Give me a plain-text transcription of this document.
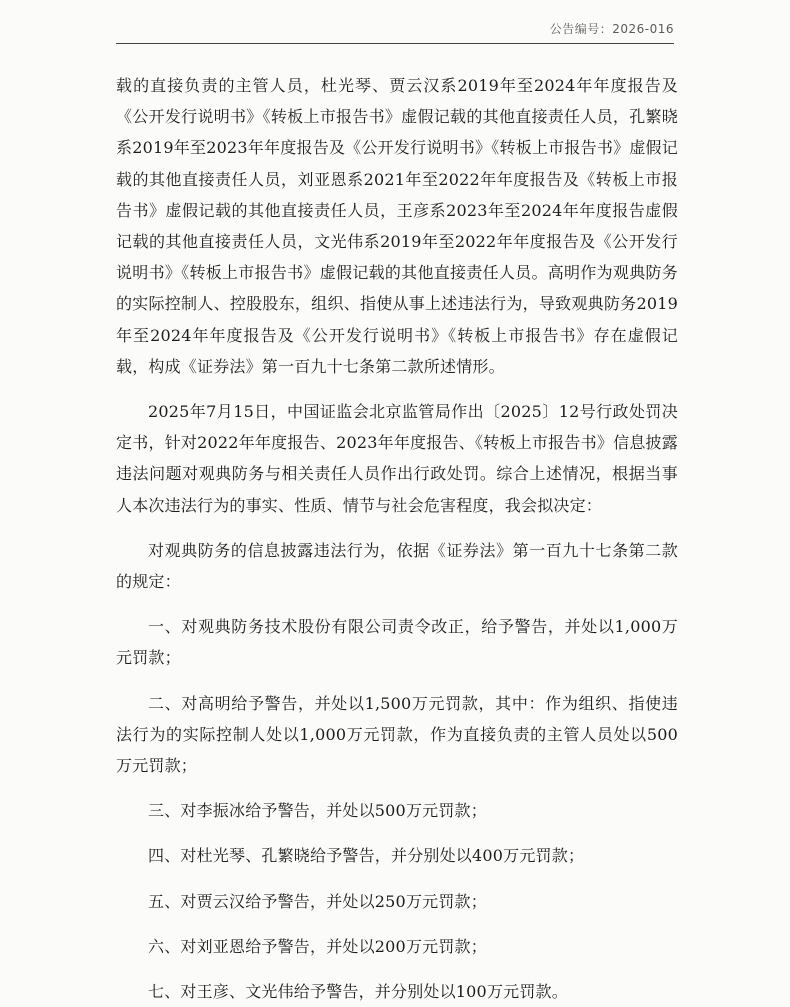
公告编号：2026-016

载的直接负责的主管人员，杜光琴、贾云汉系2019年至2024年年度报告及《公开发行说明书》《转板上市报告书》虚假记载的其他直接责任人员，孔繁晓系2019年至2023年年度报告及《公开发行说明书》《转板上市报告书》虚假记载的其他直接责任人员，刘亚恩系2021年至2022年年度报告及《转板上市报告书》虚假记载的其他直接责任人员，王彦系2023年至2024年年度报告虚假记载的其他直接责任人员，文光伟系2019年至2022年年度报告及《公开发行说明书》《转板上市报告书》虚假记载的其他直接责任人员。高明作为观典防务的实际控制人、控股股东，组织、指使从事上述违法行为，导致观典防务2019年至2024年年度报告及《公开发行说明书》《转板上市报告书》存在虚假记载，构成《证券法》第一百九十七条第二款所述情形。

2025年7月15日，中国证监会北京监管局作出〔2025〕12号行政处罚决定书，针对2022年年度报告、2023年年度报告、《转板上市报告书》信息披露违法问题对观典防务与相关责任人员作出行政处罚。综合上述情况，根据当事人本次违法行为的事实、性质、情节与社会危害程度，我会拟决定：

对观典防务的信息披露违法行为，依据《证券法》第一百九十七条第二款的规定：

一、对观典防务技术股份有限公司责令改正，给予警告，并处以1,000万元罚款；

二、对高明给予警告，并处以1,500万元罚款，其中：作为组织、指使违法行为的实际控制人处以1,000万元罚款，作为直接负责的主管人员处以500万元罚款；

三、对李振冰给予警告，并处以500万元罚款；

四、对杜光琴、孔繁晓给予警告，并分别处以400万元罚款；

五、对贾云汉给予警告，并处以250万元罚款；

六、对刘亚恩给予警告，并处以200万元罚款；

七、对王彦、文光伟给予警告，并分别处以100万元罚款。
